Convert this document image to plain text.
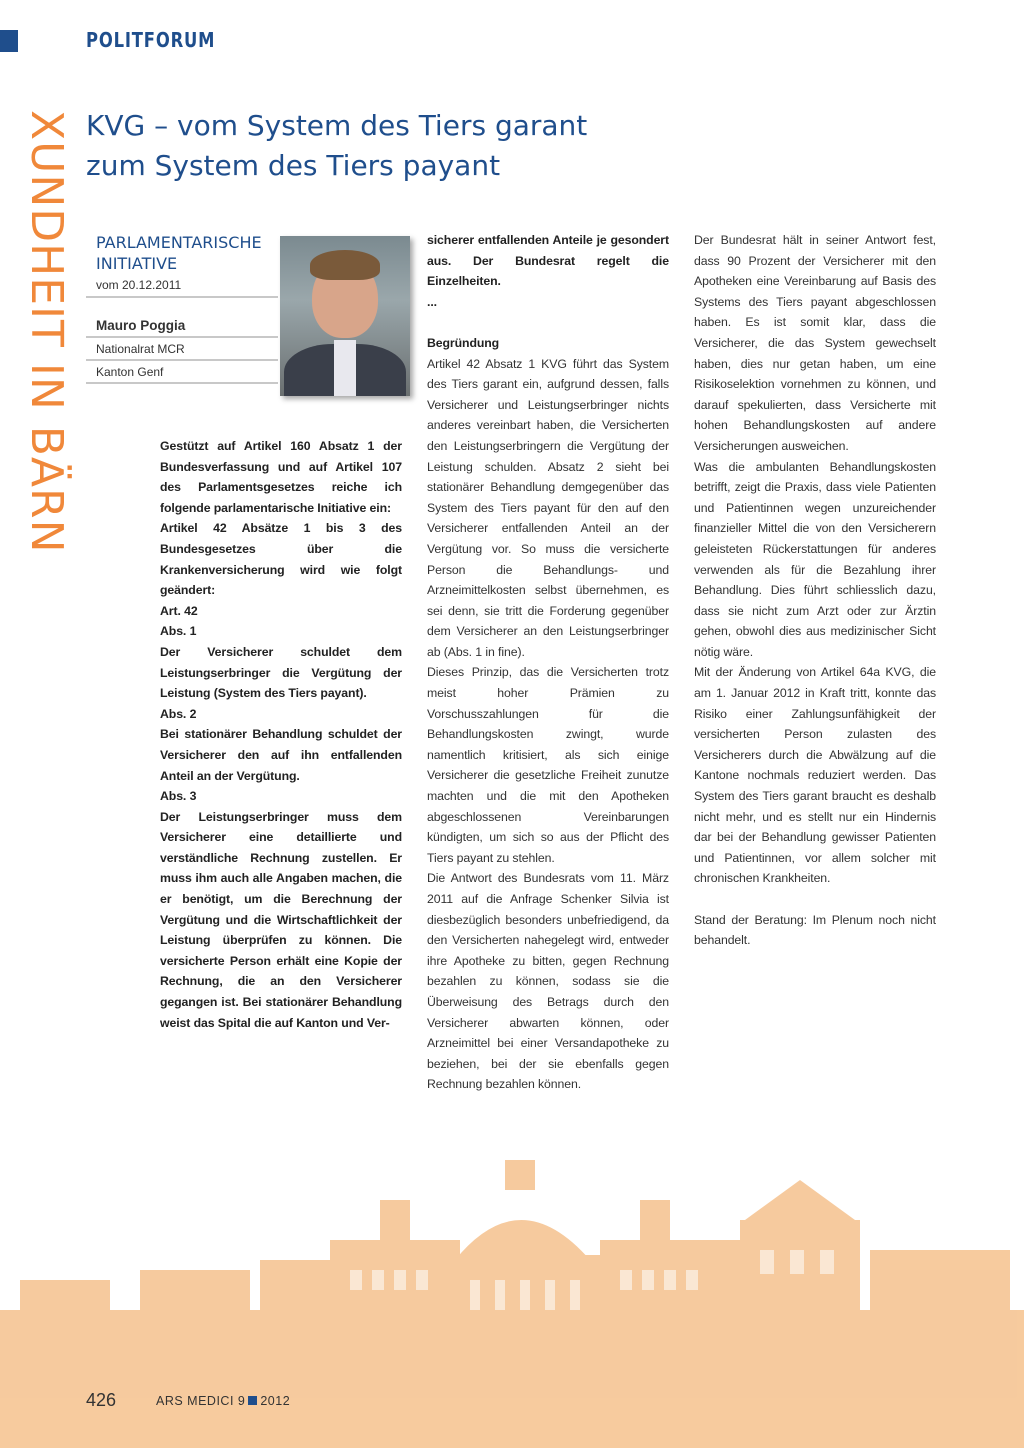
POLITFORUM
XUNDHEIT IN BÄRN KVG – vom System des Tiers garant
zum System des Tiers payant
PARLAMENTARISCHE
INITIATIVE
vom 20.12.2011
Mauro Poggia
Nationalrat MCR
Kanton Genf

Gestützt auf Artikel 160 Absatz 1 der Bundesverfassung und auf Artikel 107 des Parlamentsgesetzes reiche ich folgende parlamentarische Initiative ein:

Artikel 42 Absätze 1 bis 3 des Bundesgesetzes über die Krankenversicherung wird wie folgt geändert:

Art. 42

Abs. 1

Der Versicherer schuldet dem Leistungserbringer die Vergütung der Leistung (System des Tiers payant).

Abs. 2

Bei stationärer Behandlung schuldet der Versicherer den auf ihn entfallenden Anteil an der Vergütung.

Abs. 3

Der Leistungserbringer muss dem Versicherer eine detaillierte und verständliche Rechnung zustellen. Er muss ihm auch alle Angaben machen, die er benötigt, um die Berechnung der Vergütung und die Wirtschaftlichkeit der Leistung überprüfen zu können. Die versicherte Person erhält eine Kopie der Rechnung, die an den Versicherer gegangen ist. Bei stationärer Behandlung weist das Spital die auf Kanton und Ver-

sicherer entfallenden Anteile je gesondert aus. Der Bundesrat regelt die Einzelheiten.

...

Begründung

Artikel 42 Absatz 1 KVG führt das System des Tiers garant ein, aufgrund dessen, falls Versicherer und Leistungserbringer nichts anderes vereinbart haben, die Versicherten den Leistungserbringern die Vergütung der Leistung schulden. Absatz 2 sieht bei stationärer Behandlung demgegenüber das System des Tiers payant für den auf den Versicherer entfallenden Anteil an der Vergütung vor. So muss die versicherte Person die Behandlungs- und Arzneimittelkosten selbst übernehmen, es sei denn, sie tritt die Forderung gegenüber dem Versicherer an den Leistungserbringer ab (Abs. 1 in fine).

Dieses Prinzip, das die Versicherten trotz meist hoher Prämien zu Vorschusszahlungen für die Behandlungskosten zwingt, wurde namentlich kritisiert, als sich einige Versicherer die gesetzliche Freiheit zunutze machten und die mit den Apotheken abgeschlossenen Vereinbarungen kündigten, um sich so aus der Pflicht des Tiers payant zu stehlen.

Die Antwort des Bundesrats vom 11. März 2011 auf die Anfrage Schenker Silvia ist diesbezüglich besonders unbefriedigend, da den Versicherten nahegelegt wird, entweder ihre Apotheke zu bitten, gegen Rechnung bezahlen zu können, sodass sie die Überweisung des Betrags durch den Versicherer abwarten können, oder Arzneimittel bei einer Versandapotheke zu beziehen, bei der sie ebenfalls gegen Rechnung bezahlen können.

Der Bundesrat hält in seiner Antwort fest, dass 90 Prozent der Versicherer mit den Apotheken eine Vereinbarung auf Basis des Systems des Tiers payant abgeschlossen haben. Es ist somit klar, dass die Versicherer, die das System gewechselt haben, dies nur getan haben, um eine Risikoselektion vornehmen zu können, und darauf spekulierten, dass Versicherte mit hohen Behandlungskosten auf andere Versicherungen ausweichen.

Was die ambulanten Behandlungskosten betrifft, zeigt die Praxis, dass viele Patienten und Patientinnen wegen unzureichender finanzieller Mittel die von den Versicherern geleisteten Rückerstattungen für anderes verwenden als für die Bezahlung ihrer Behandlung. Dies führt schliesslich dazu, dass sie nicht zum Arzt oder zur Ärztin gehen, obwohl dies aus medizinischer Sicht nötig wäre.

Mit der Änderung von Artikel 64a KVG, die am 1. Januar 2012 in Kraft tritt, konnte das Risiko einer Zahlungsunfähigkeit der versicherten Person zulasten des Versicherers durch die Abwälzung auf die Kantone nochmals reduziert werden. Das System des Tiers garant braucht es deshalb nicht mehr, und es stellt nur ein Hindernis dar bei der Behandlung gewisser Patienten und Patientinnen, vor allem solcher mit chronischen Krankheiten.

Stand der Beratung: Im Plenum noch nicht behandelt.

426	ARS MEDICI 9 2012
